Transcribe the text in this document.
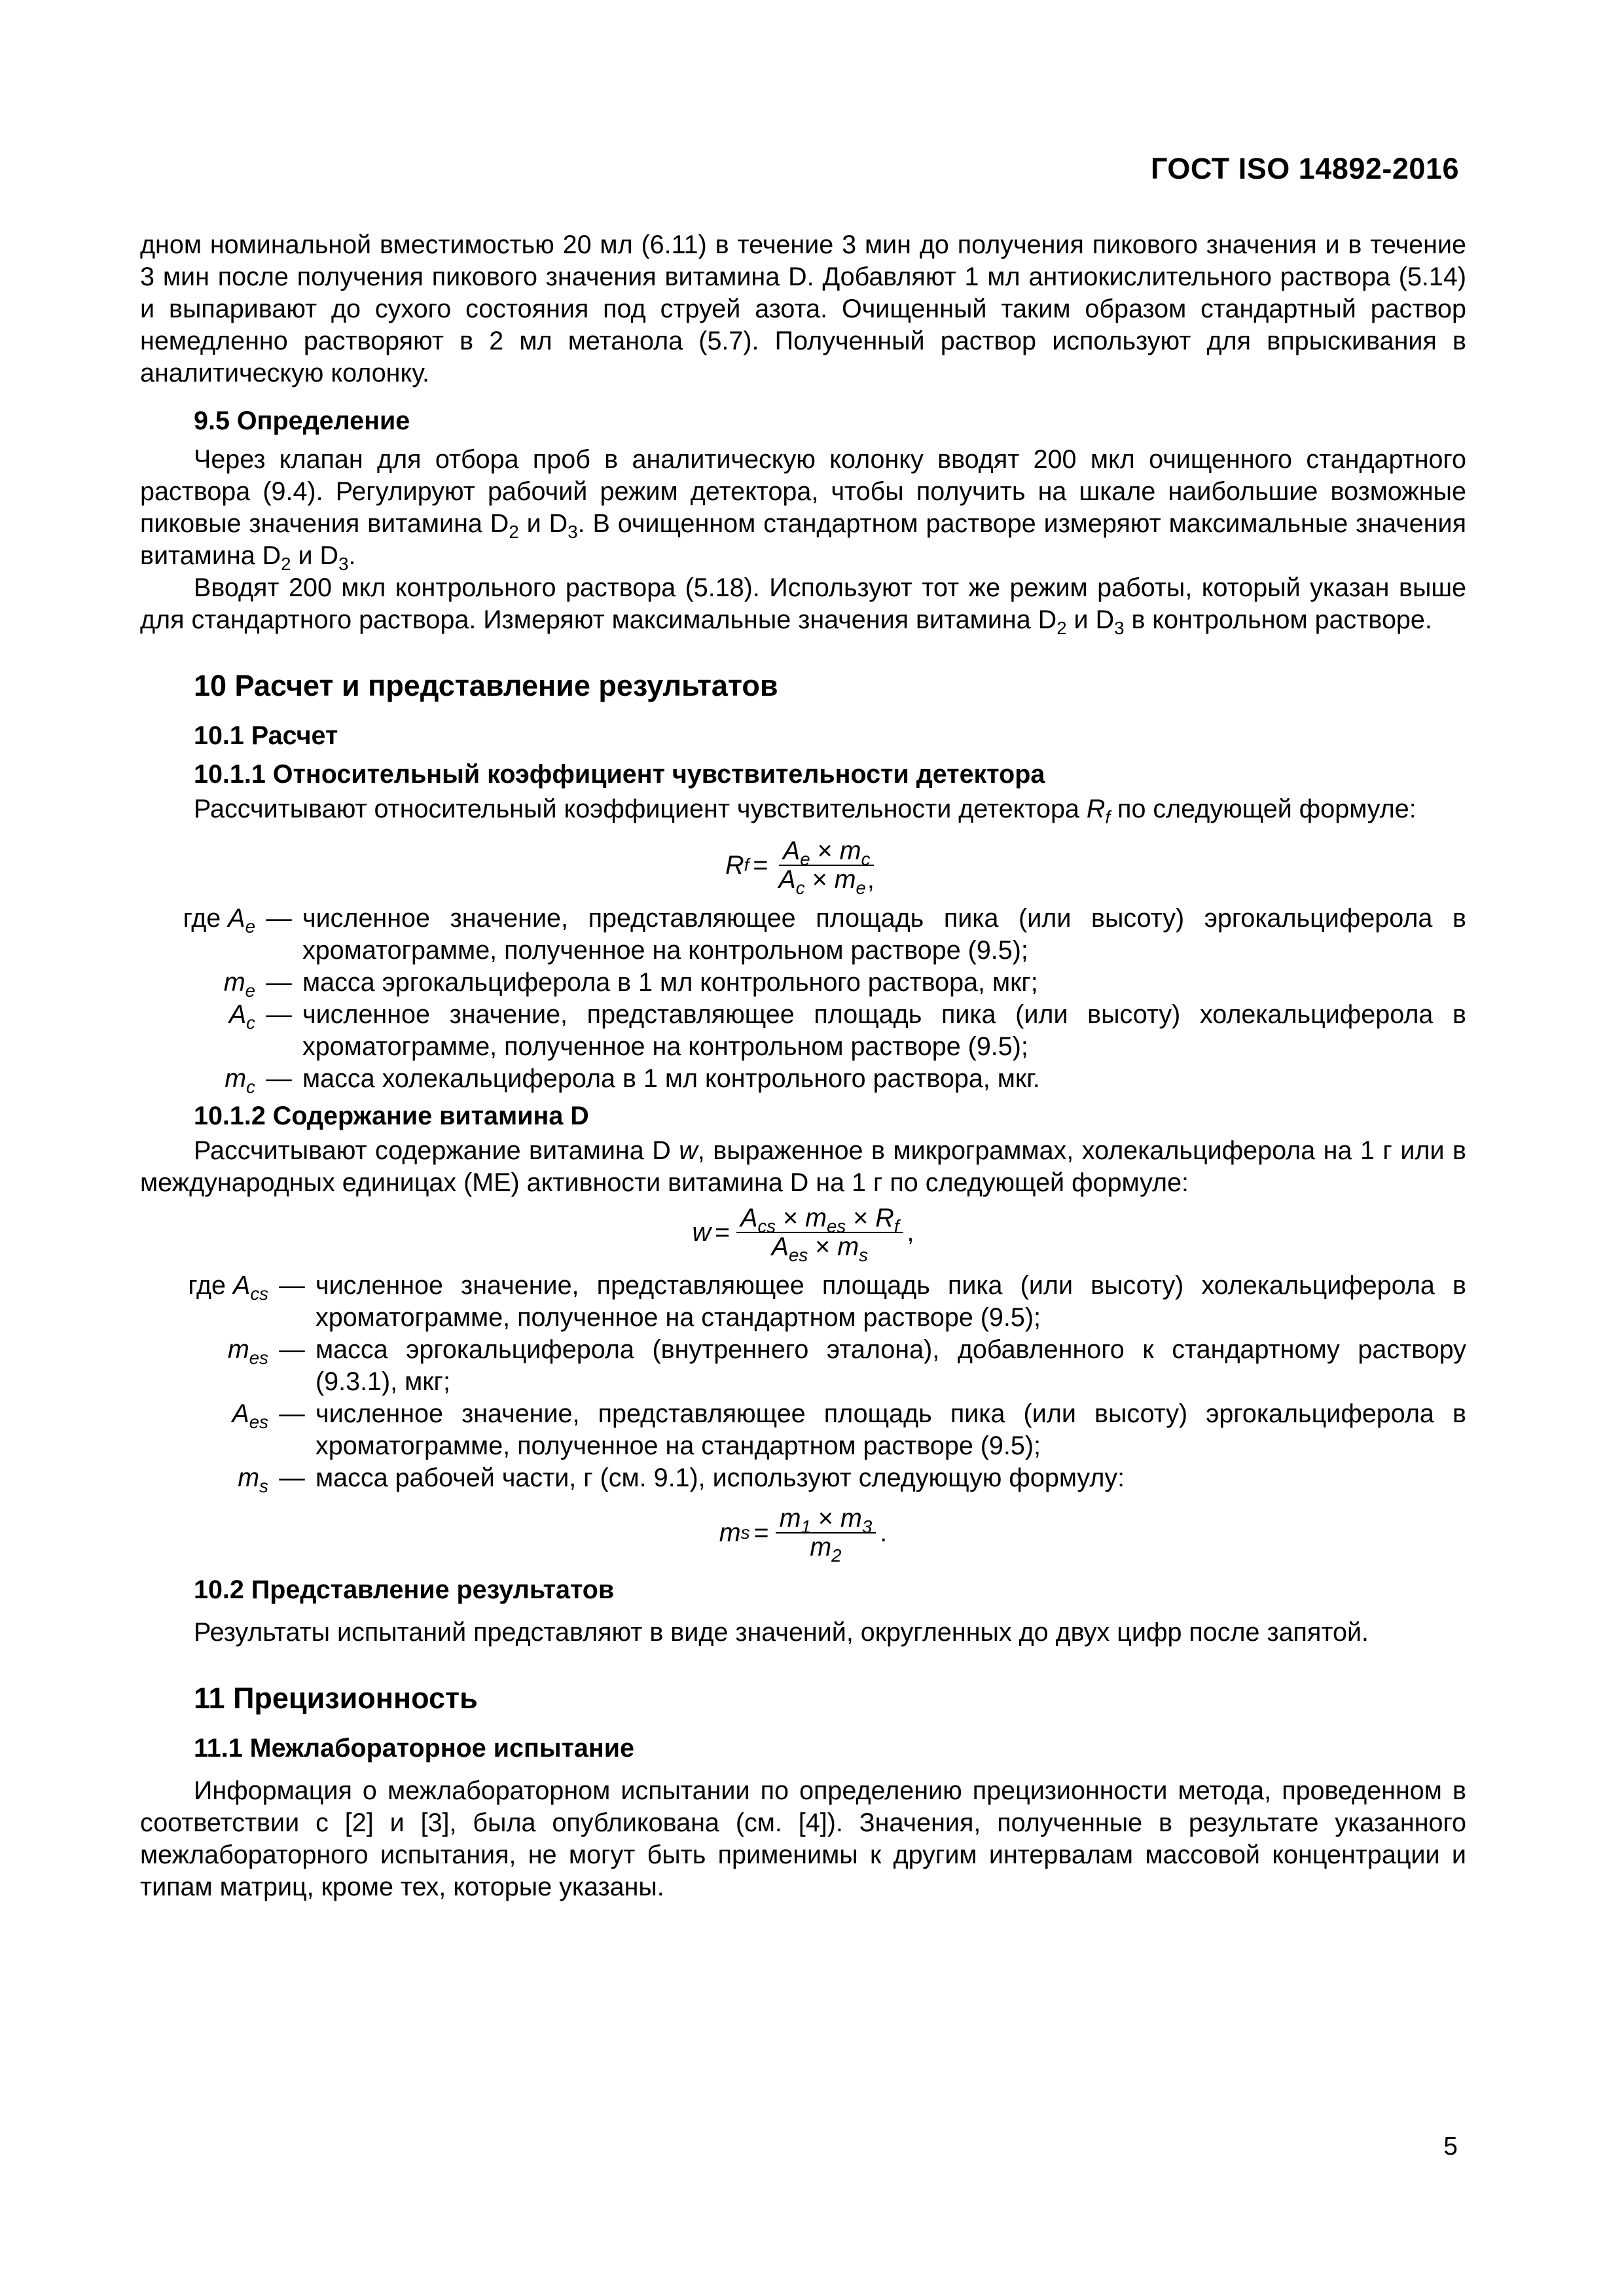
ГОСТ ISO 14892-2016

дном номинальной вместимостью 20 мл (6.11) в течение 3 мин до получения пикового значения и в течение 3 мин после получения пикового значения витамина D. Добавляют 1 мл антиокислительного раствора (5.14) и выпаривают до сухого состояния под струей азота. Очищенный таким образом стандартный раствор немедленно растворяют в 2 мл метанола (5.7). Полученный раствор используют для впрыскивания в аналитическую колонку.

9.5 Определение

Через клапан для отбора проб в аналитическую колонку вводят 200 мкл очищенного стандартного раствора (9.4). Регулируют рабочий режим детектора, чтобы получить на шкале наибольшие возможные пиковые значения витамина $D_2$ и $D_3$. В очищенном стандартном растворе измеряют максимальные значения витамина $D_2$ и $D_3$.

Вводят 200 мкл контрольного раствора (5.18). Используют тот же режим работы, который указан выше для стандартного раствора. Измеряют максимальные значения витамина $D_2$ и $D_3$ в контрольном растворе.

10 Расчет и представление результатов
10.1 Расчет
10.1.1 Относительный коэффициент чувствительности детектора

Рассчитывают относительный коэффициент чувствительности детектора $R_f$ по следующей формуле:

R $f = \frac{A_e \times m_c}{A_c \times m_e,}$
где $A_e$ — численное значение, представляющее площадь пика (или высоту) эргокальциферола в хроматограмме, полученное на контрольном растворе (9.5);
$m_e$ — масса эргокальциферола в 1 мл контрольного раствора, мкг;
$A_c$ — численное значение, представляющее площадь пика (или высоту) холекальциферола в хроматограмме, полученное на контрольном растворе (9.5);
$m_c$ — масса холекальциферола в 1 мл контрольного раствора, мкг.
10.1.2 Содержание витамина D

Рассчитывают содержание витамина D w, выраженное в микрограммах, холекальциферола на 1 г или в международных единицах (МЕ) активности витамина D на 1 г по следующей формуле:

$w = \frac{A_{cs} \times m_{es} \times R_f}{A_{es} \times m_s}$ ,
где $A_{cs}$ — численное значение, представляющее площадь пика (или высоту) холекальциферола в хроматограмме, полученное на стандартном растворе (9.5);
$m_{es}$ — масса эргокальциферола (внутреннего эталона), добавленного к стандартному раствору (9.3.1), мкг;
$A_{es}$ — численное значение, представляющее площадь пика (или высоту) эргокальциферола в хроматограмме, полученное на стандартном растворе (9.5);
$m_s$ — масса рабочей части, г (см. 9.1), используют следующую формулу:
m $s = \frac{m_1 \times m_3}{m_2}$ .
10.2 Представление результатов

Результаты испытаний представляют в виде значений, округленных до двух цифр после запятой.

11 Прецизионность
11.1 Межлабораторное испытание

Информация о межлабораторном испытании по определению прецизионности метода, проведенном в соответствии с [2] и [3], была опубликована (см. [4]). Значения, полученные в результате указанного межлабораторного испытания, не могут быть применимы к другим интервалам массовой концентрации и типам матриц, кроме тех, которые указаны.

5
